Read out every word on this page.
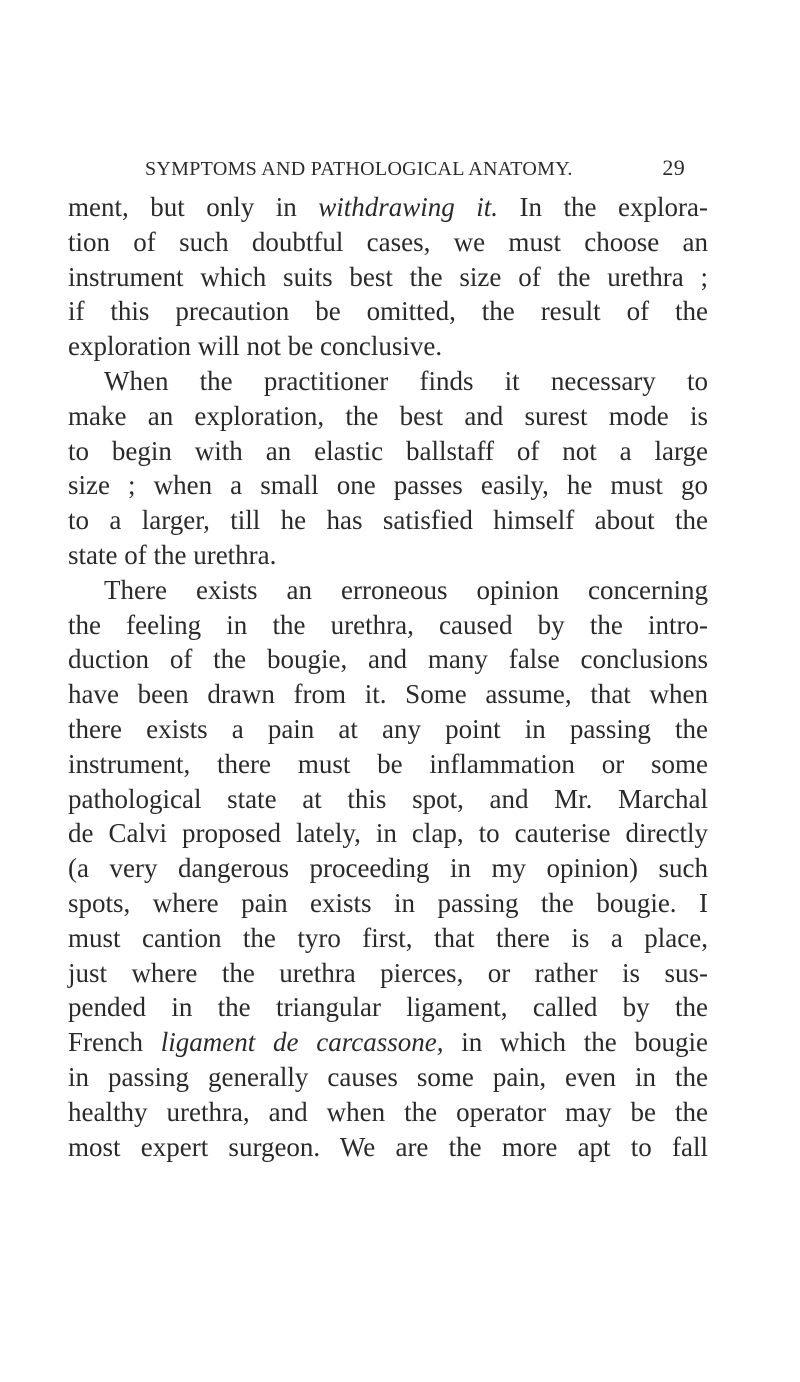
SYMPTOMS AND PATHOLOGICAL ANATOMY.	29
ment, but only in withdrawing it. In the explora-
tion of such doubtful cases, we must choose an
instrument which suits best the size of the urethra ;
if this precaution be omitted, the result of the
exploration will not be conclusive.
When the practitioner finds it necessary to
make an exploration, the best and surest mode is
to begin with an elastic ballstaff of not a large
size ; when a small one passes easily, he must go
to a larger, till he has satisfied himself about the
state of the urethra.
There exists an erroneous opinion concerning
the feeling in the urethra, caused by the intro-
duction of the bougie, and many false conclusions
have been drawn from it. Some assume, that when
there exists a pain at any point in passing the
instrument, there must be inflammation or some
pathological state at this spot, and Mr. Marchal
de Calvi proposed lately, in clap, to cauterise directly
(a very dangerous proceeding in my opinion) such
spots, where pain exists in passing the bougie. I
must cantion the tyro first, that there is a place,
just where the urethra pierces, or rather is sus-
pended in the triangular ligament, called by the
French ligament de carcassone, in which the bougie
in passing generally causes some pain, even in the
healthy urethra, and when the operator may be the
most expert surgeon. We are the more apt to fall
